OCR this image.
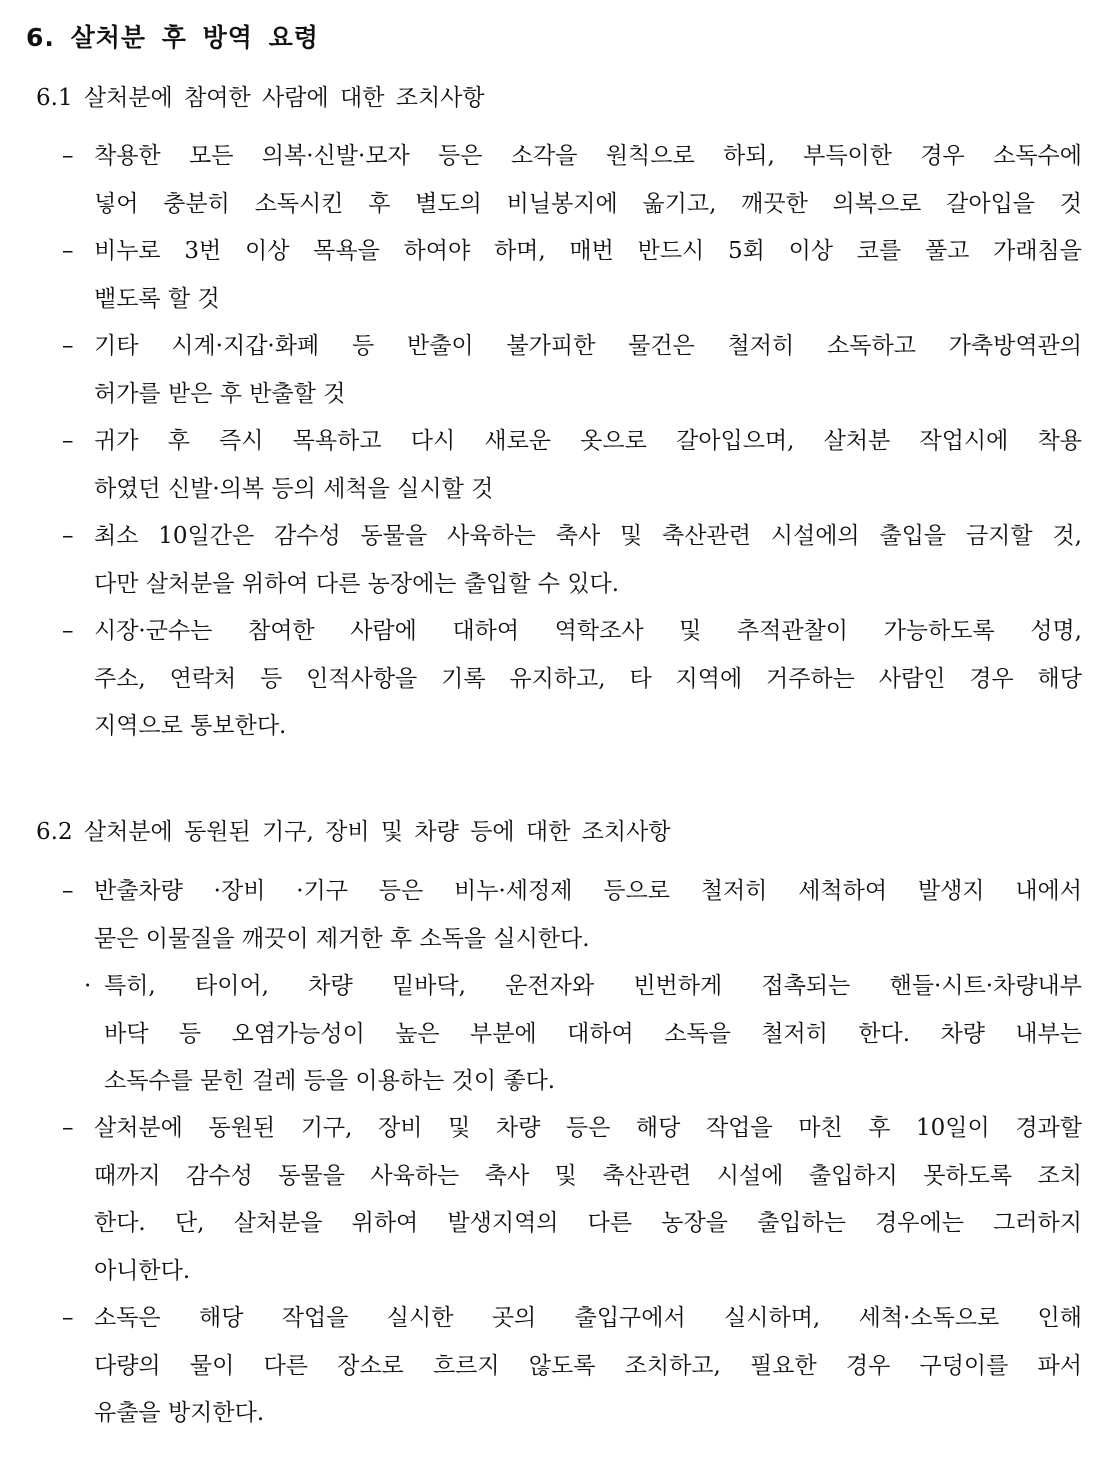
6. 살처분 후 방역 요령
6.1 살처분에 참여한 사람에 대한 조치사항
– 착용한 모든 의복·신발·모자 등은 소각을 원칙으로 하되, 부득이한 경우 소독수에
넣어 충분히 소독시킨 후 별도의 비닐봉지에 옮기고, 깨끗한 의복으로 갈아입을 것
– 비누로 3번 이상 목욕을 하여야 하며, 매번 반드시 5회 이상 코를 풀고 가래침을
뱉도록 할 것
– 기타 시계·지갑·화폐 등 반출이 불가피한 물건은 철저히 소독하고 가축방역관의
허가를 받은 후 반출할 것
– 귀가 후 즉시 목욕하고 다시 새로운 옷으로 갈아입으며, 살처분 작업시에 착용
하였던 신발·의복 등의 세척을 실시할 것
– 최소 10일간은 감수성 동물을 사육하는 축사 및 축산관련 시설에의 출입을 금지할 것,
다만 살처분을 위하여 다른 농장에는 출입할 수 있다.
– 시장·군수는 참여한 사람에 대하여 역학조사 및 추적관찰이 가능하도록 성명,
주소, 연락처 등 인적사항을 기록 유지하고, 타 지역에 거주하는 사람인 경우 해당
지역으로 통보한다.
6.2 살처분에 동원된 기구, 장비 및 차량 등에 대한 조치사항
– 반출차량 ·장비 ·기구 등은 비누·세정제 등으로 철저히 세척하여 발생지 내에서
묻은 이물질을 깨끗이 제거한 후 소독을 실시한다.
· 특히, 타이어, 차량 밑바닥, 운전자와 빈번하게 접촉되는 핸들·시트·차량내부
바닥 등 오염가능성이 높은 부분에 대하여 소독을 철저히 한다. 차량 내부는
소독수를 묻힌 걸레 등을 이용하는 것이 좋다.
– 살처분에 동원된 기구, 장비 및 차량 등은 해당 작업을 마친 후 10일이 경과할
때까지 감수성 동물을 사육하는 축사 및 축산관련 시설에 출입하지 못하도록 조치
한다. 단, 살처분을 위하여 발생지역의 다른 농장을 출입하는 경우에는 그러하지
아니한다.
– 소독은 해당 작업을 실시한 곳의 출입구에서 실시하며, 세척·소독으로 인해
다량의 물이 다른 장소로 흐르지 않도록 조치하고, 필요한 경우 구덩이를 파서
유출을 방지한다.
